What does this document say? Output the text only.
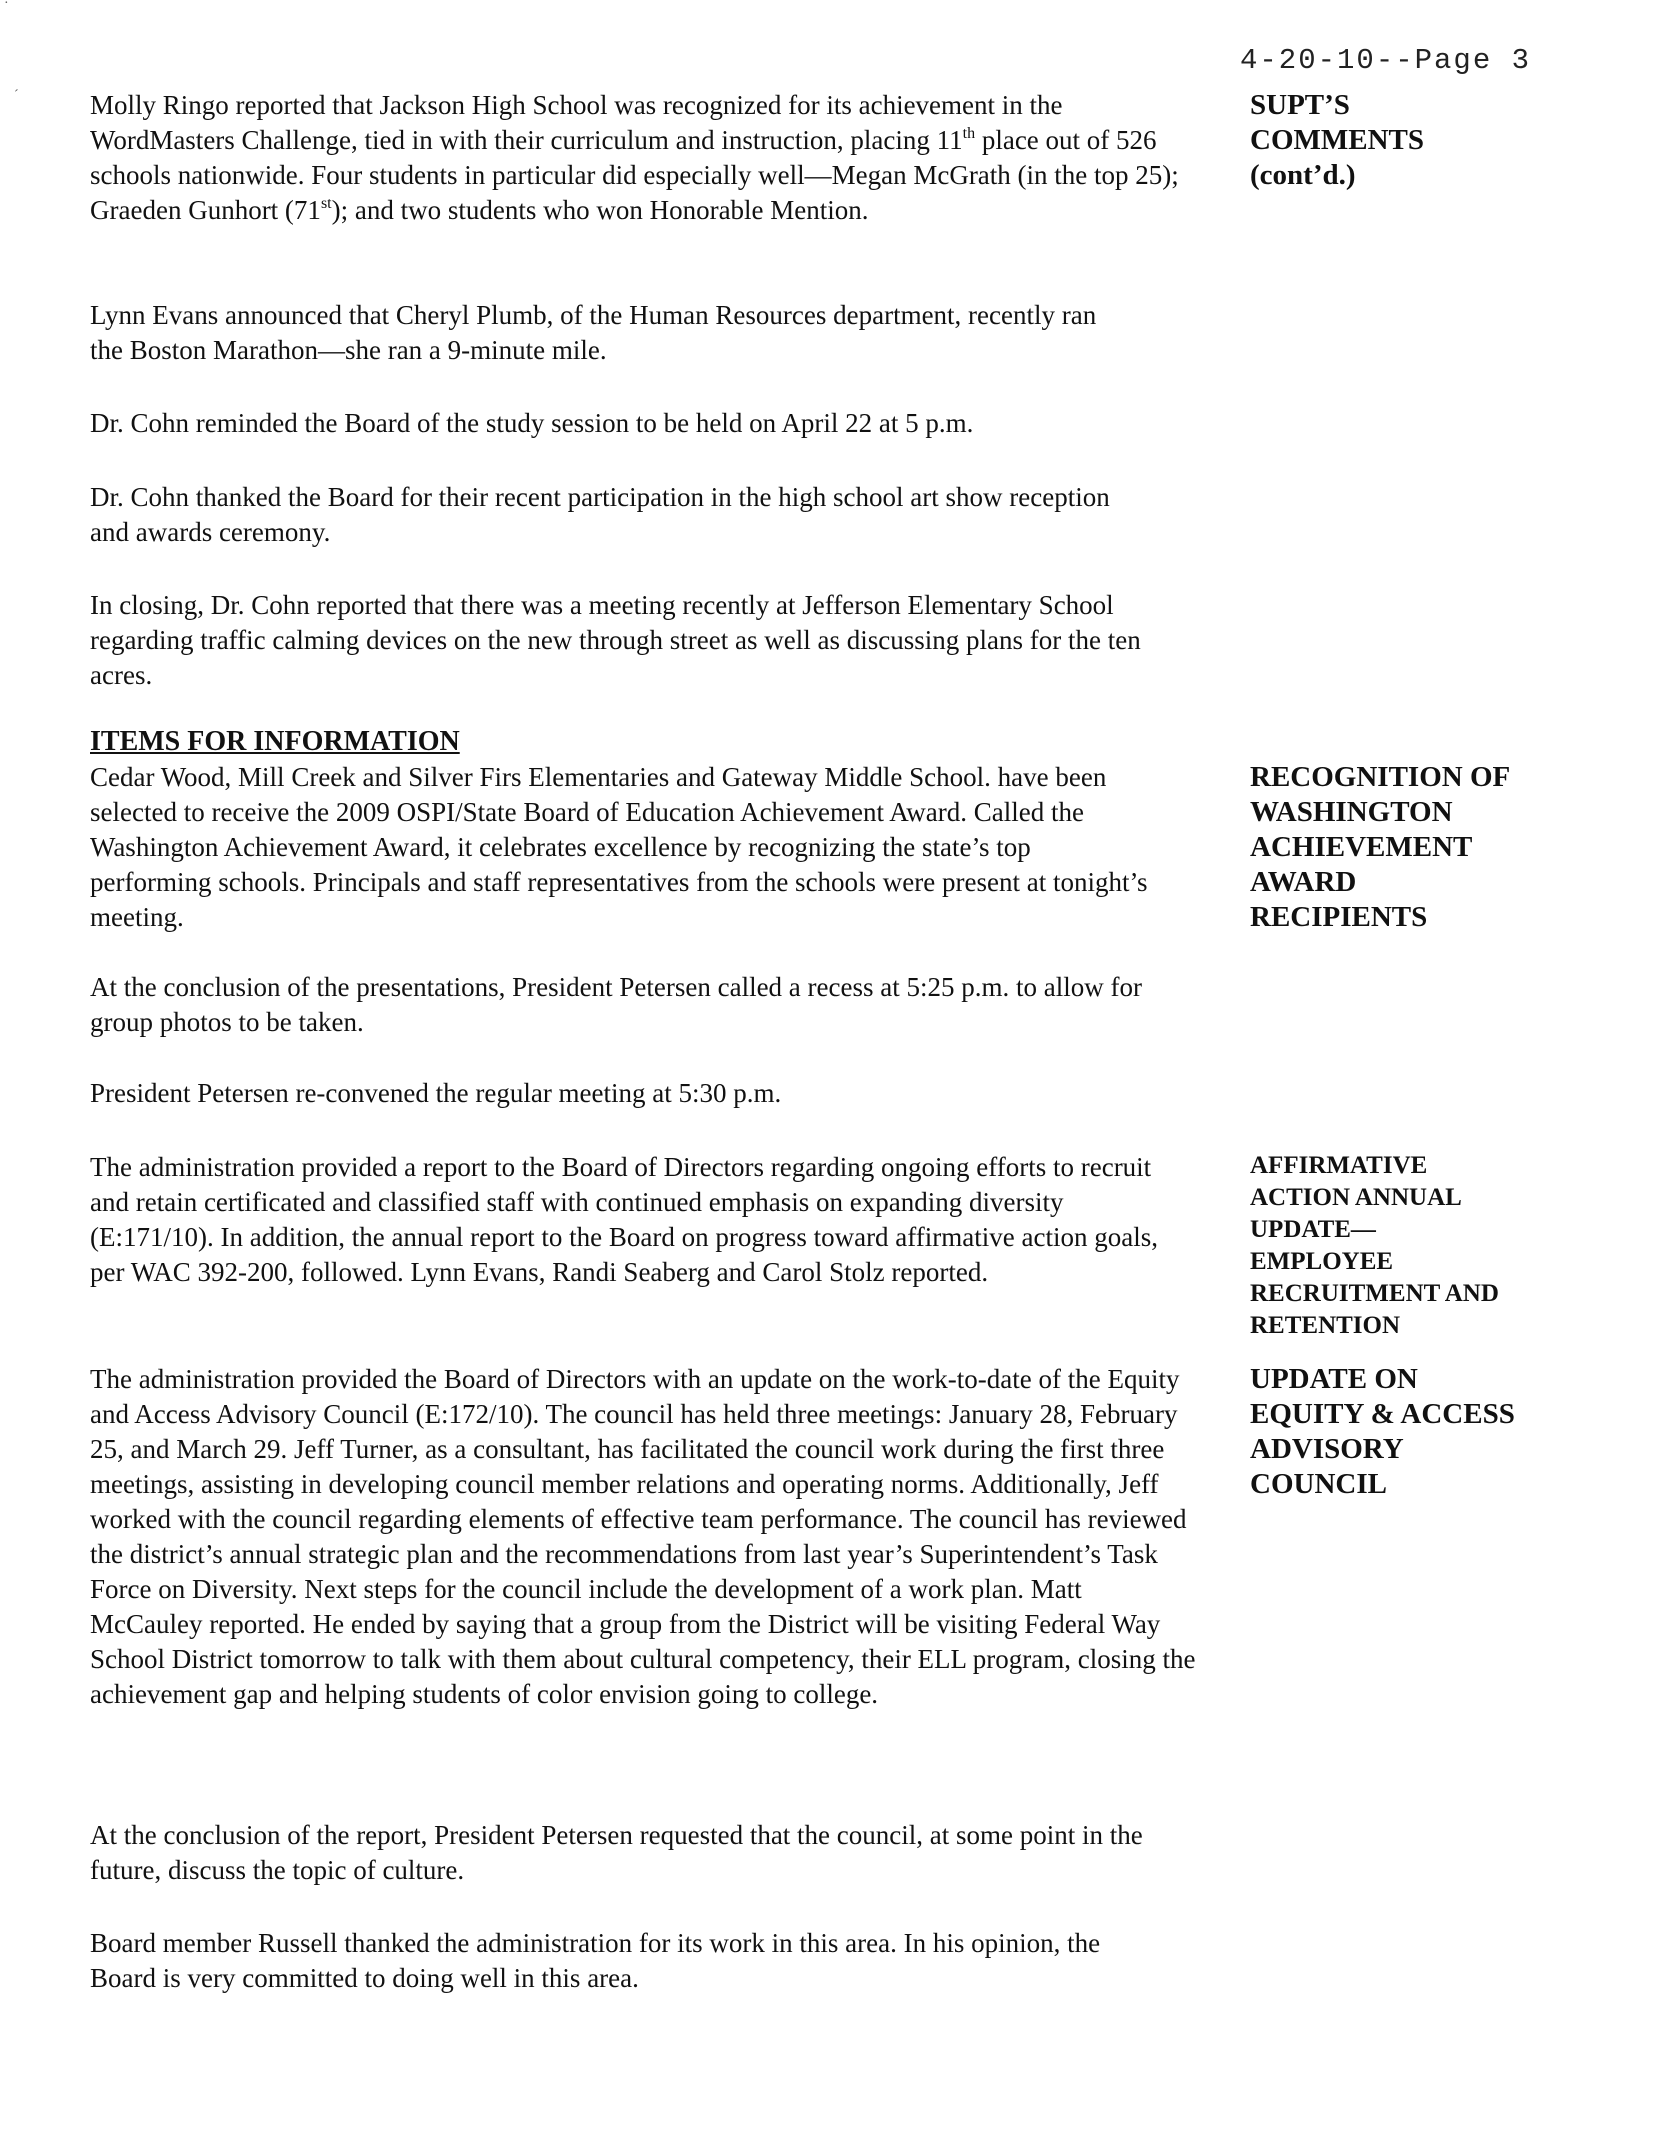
4-20-10--Page 3
·
ˊ	Molly Ringo reported that Jackson High School was recognized for its achievement in the WordMasters Challenge, tied in with their curriculum and instruction, placing 11th place out of 526 schools nationwide. Four students in particular did especially well—Megan McGrath (in the top 25); Graeden Gunhort (71st); and two students who won Honorable Mention.

Lynn Evans announced that Cheryl Plumb, of the Human Resources department, recently ran the Boston Marathon—she ran a 9-minute mile.

Dr. Cohn reminded the Board of the study session to be held on April 22 at 5 p.m.

Dr. Cohn thanked the Board for their recent participation in the high school art show reception and awards ceremony.

In closing, Dr. Cohn reported that there was a meeting recently at Jefferson Elementary School regarding traffic calming devices on the new through street as well as discussing plans for the ten acres.

ITEMS FOR INFORMATION

Cedar Wood, Mill Creek and Silver Firs Elementaries and Gateway Middle School. have been selected to receive the 2009 OSPI/State Board of Education Achievement Award. Called the Washington Achievement Award, it celebrates excellence by recognizing the state’s top performing schools. Principals and staff representatives from the schools were present at tonight’s meeting.

At the conclusion of the presentations, President Petersen called a recess at 5:25 p.m. to allow for group photos to be taken.

President Petersen re-convened the regular meeting at 5:30 p.m.

The administration provided a report to the Board of Directors regarding ongoing efforts to recruit and retain certificated and classified staff with continued emphasis on expanding diversity (E:171/10). In addition, the annual report to the Board on progress toward affirmative action goals, per WAC 392-200, followed. Lynn Evans, Randi Seaberg and Carol Stolz reported.

The administration provided the Board of Directors with an update on the work-to-date of the Equity and Access Advisory Council (E:172/10). The council has held three meetings: January 28, February 25, and March 29. Jeff Turner, as a consultant, has facilitated the council work during the first three meetings, assisting in developing council member relations and operating norms. Additionally, Jeff worked with the council regarding elements of effective team performance. The council has reviewed the district’s annual strategic plan and the recommendations from last year’s Superintendent’s Task Force on Diversity. Next steps for the council include the development of a work plan. Matt McCauley reported. He ended by saying that a group from the District will be visiting Federal Way School District tomorrow to talk with them about cultural competency, their ELL program, closing the achievement gap and helping students of color envision going to college.

At the conclusion of the report, President Petersen requested that the council, at some point in the future, discuss the topic of culture.

Board member Russell thanked the administration for its work in this area. In his opinion, the Board is very committed to doing well in this area.

SUPT’S
COMMENTS
(cont’d.)
RECOGNITION OF
WASHINGTON
ACHIEVEMENT
AWARD
RECIPIENTS
AFFIRMATIVE
ACTION ANNUAL
UPDATE—
EMPLOYEE
RECRUITMENT AND
RETENTION
UPDATE ON
EQUITY & ACCESS
ADVISORY
COUNCIL
